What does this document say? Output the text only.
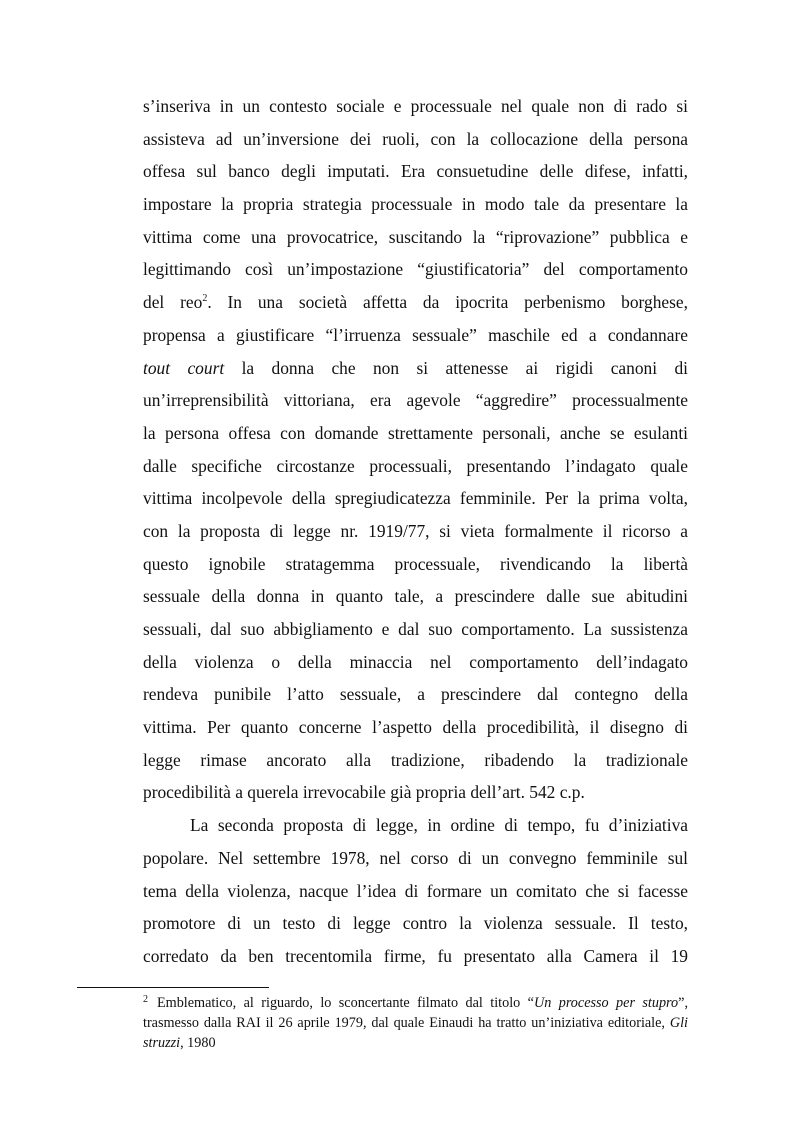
s’inseriva in un contesto sociale e processuale nel quale non di rado si
assisteva ad un’inversione dei ruoli, con la collocazione della persona
offesa sul banco degli imputati. Era consuetudine delle difese, infatti,
impostare la propria strategia processuale in modo tale da presentare la
vittima come una provocatrice, suscitando la “riprovazione” pubblica e
legittimando così un’impostazione “giustificatoria” del comportamento
del reo$^2$. In una società affetta da ipocrita perbenismo borghese,
propensa a giustificare “l’irruenza sessuale” maschile ed a condannare
tout court la donna che non si attenesse ai rigidi canoni di
un’irreprensibilità vittoriana, era agevole “aggredire” processualmente
la persona offesa con domande strettamente personali, anche se esulanti
dalle specifiche circostanze processuali, presentando l’indagato quale
vittima incolpevole della spregiudicatezza femminile. Per la prima volta,
con la proposta di legge nr. 1919/77, si vieta formalmente il ricorso a
questo ignobile stratagemma processuale, rivendicando la libertà
sessuale della donna in quanto tale, a prescindere dalle sue abitudini
sessuali, dal suo abbigliamento e dal suo comportamento. La sussistenza
della violenza o della minaccia nel comportamento dell’indagato
rendeva punibile l’atto sessuale, a prescindere dal contegno della
vittima. Per quanto concerne l’aspetto della procedibilità, il disegno di
legge rimase ancorato alla tradizione, ribadendo la tradizionale
procedibilità a querela irrevocabile già propria dell’art. 542 c.p.
La seconda proposta di legge, in ordine di tempo, fu d’iniziativa
popolare. Nel settembre 1978, nel corso di un convegno femminile sul
tema della violenza, nacque l’idea di formare un comitato che si facesse
promotore di un testo di legge contro la violenza sessuale. Il testo,
corredato da ben trecentomila firme, fu presentato alla Camera il 19
$^2$ Emblematico, al riguardo, lo sconcertante filmato dal titolo “Un processo per stupro”,
trasmesso dalla RAI il 26 aprile 1979, dal quale Einaudi ha tratto un’iniziativa editoriale, Gli
struzzi, 1980
